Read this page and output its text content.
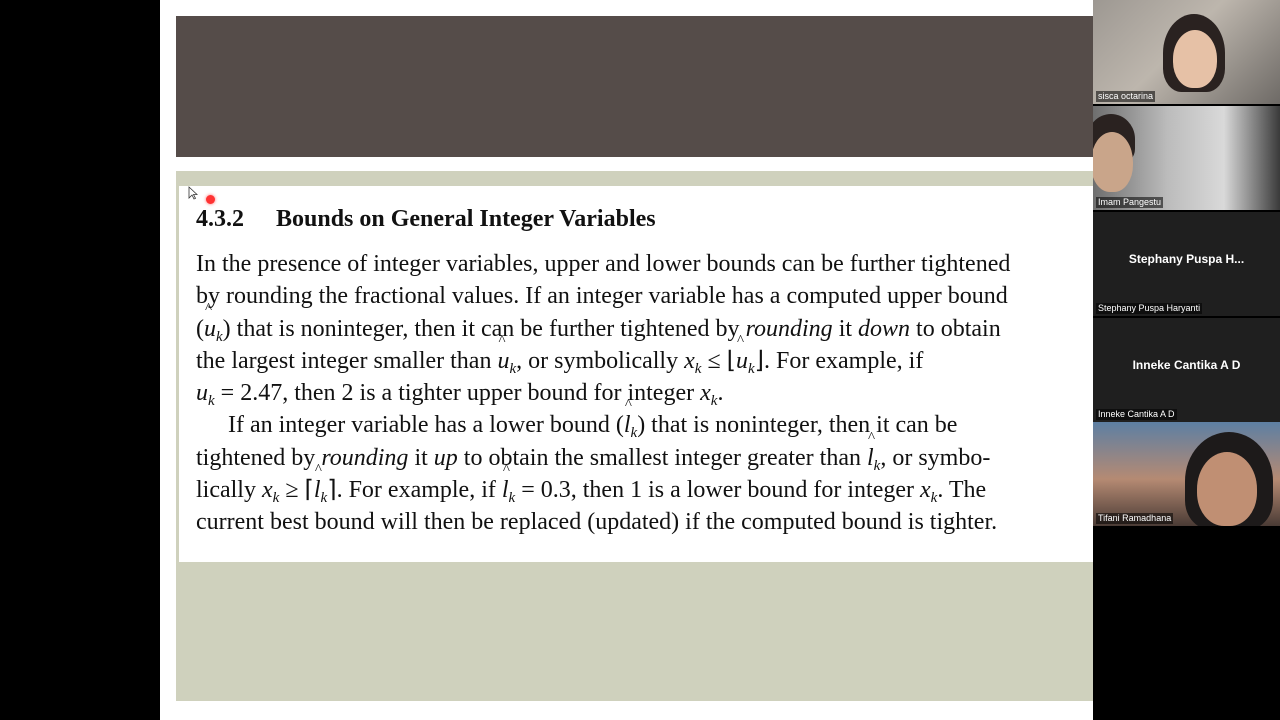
4.3.2 Bounds on General Integer Variables
In the presence of integer variables, upper and lower bounds can be further tightened
by rounding the fractional values. If an integer variable has a computed upper bound
(^ $u_k$) that is noninteger, then it can be further tightened by rounding it down to obtain
the largest integer smaller than ^ $u_k$, or symbolically $x_k$ ≤ ⌊^ $u_k⌋$. For example, if
$u_k = 2.47$, then 2 is a tighter upper bound for integer $x_k$.
If an integer variable has a lower bound (^ $l_k$) that is noninteger, then it can be
tightened by rounding it up to obtain the smallest integer greater than ^ $l_k$, or symbo-
lically $x_k$ ≥ ⌈^ $l_k⌉$. For example, if ^ $l_k = 0.3$, then 1 is a lower bound for integer $x_k$. The
current best bound will then be replaced (updated) if the computed bound is tighter.
sisca octarina
Imam Pangestu
Stephany Puspa H...
Stephany Puspa Haryanti
Inneke Cantika A D
Inneke Cantika A D
Tifani Ramadhana
